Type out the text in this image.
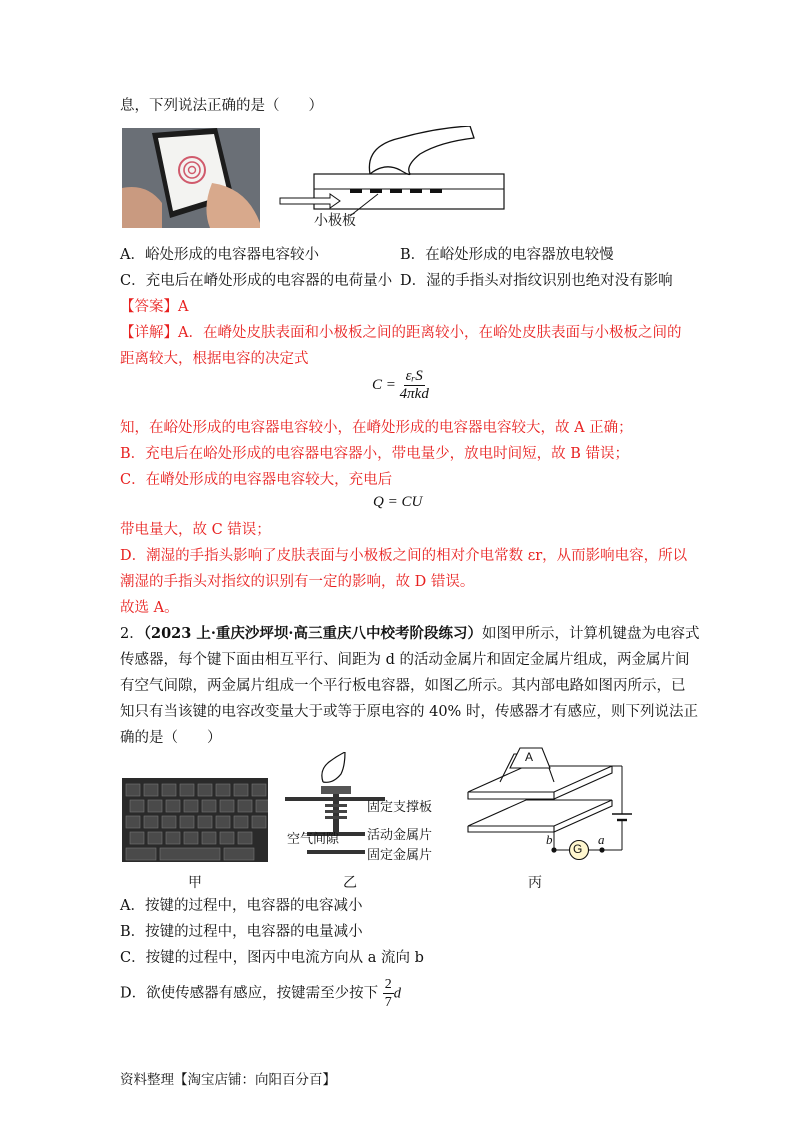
息，下列说法正确的是（　　）
小极板
A．峪处形成的电容器电容较小	B．在峪处形成的电容器放电较慢
C．充电后在嵴处形成的电容器的电荷量小 D．湿的手指头对指纹识别也绝对没有影响
【答案】A
【详解】A．在嵴处皮肤表面和小极板之间的距离较小，在峪处皮肤表面与小极板之间的
距离较大，根据电容的决定式
$C = \frac{\text{εᵣS}}{\text{4πkd}}$
知，在峪处形成的电容器电容较小，在嵴处形成的电容器电容较大，故 A 正确；
B．充电后在峪处形成的电容器电容器小，带电量少，放电时间短，故 B 错误；
C．在嵴处形成的电容器电容较大，充电后
Q = CU
带电量大，故 C 错误；
D．潮湿的手指头影响了皮肤表面与小极板之间的相对介电常数 εr，从而影响电容，所以
潮湿的手指头对指纹的识别有一定的影响，故 D 错误。
故选 A。
2．（2023 上·重庆沙坪坝·高三重庆八中校考阶段练习）如图甲所示，计算机键盘为电容式
传感器，每个键下面由相互平行、间距为 d 的活动金属片和固定金属片组成，两金属片间
有空气间隙，两金属片组成一个平行板电容器，如图乙所示。其内部电路如图丙所示，已
知只有当该键的电容改变量大于或等于原电容的 40% 时，传感器才有感应，则下列说法正
确的是（　　）
甲
固定支撑板
空气间隙 活动金属片
固定金属片
乙
A
b
G
a
丙
A．按键的过程中，电容器的电容减小
B．按键的过程中，电容器的电量减小
C．按键的过程中，图丙中电流方向从 a 流向 b
D．欲使传感器有感应，按键需至少按下 $\frac{2}{7}$ d
资料整理【淘宝店铺：向阳百分百】
